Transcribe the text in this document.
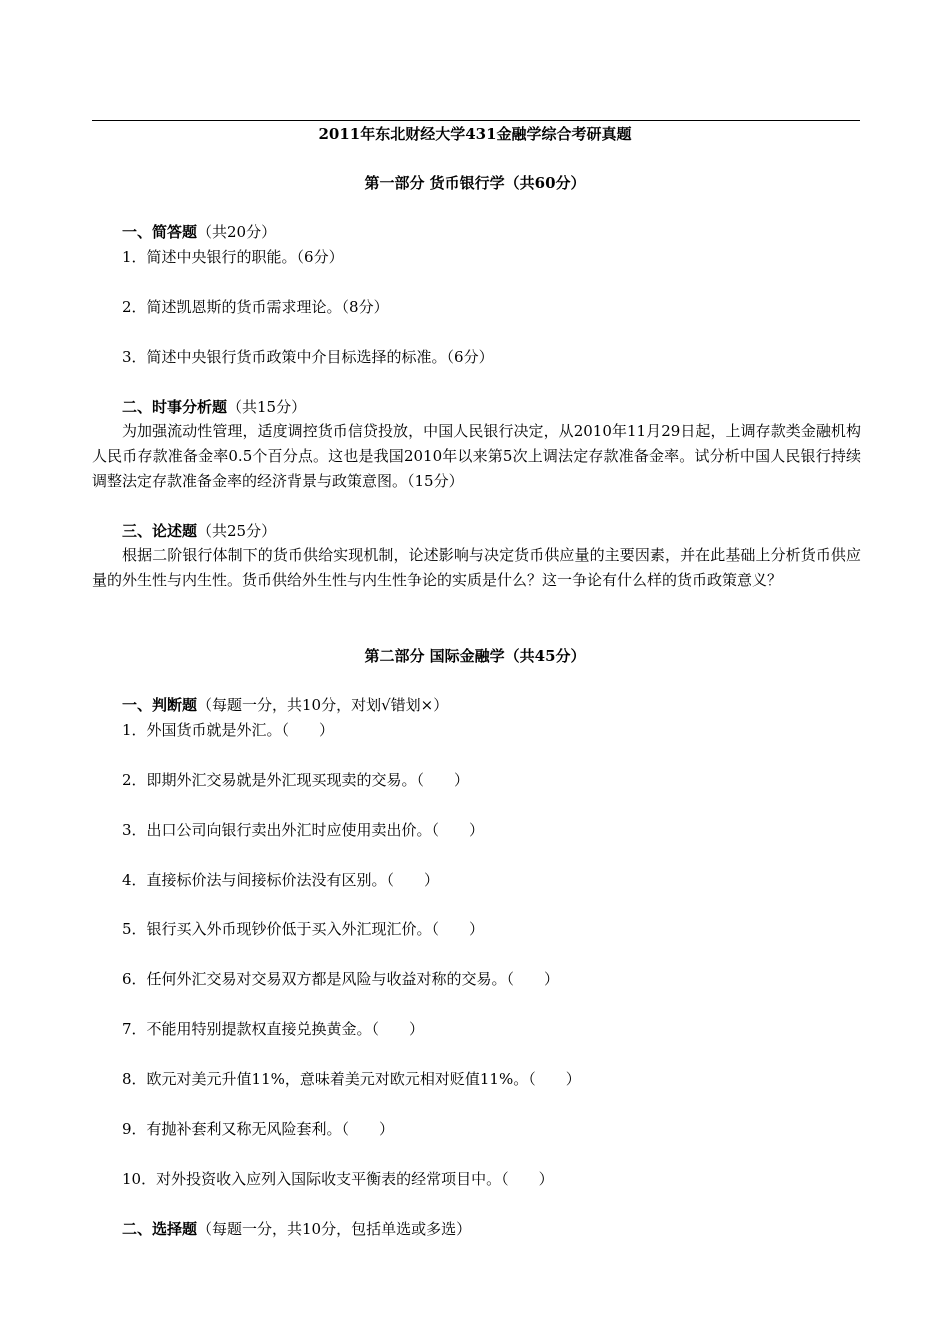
2011年东北财经大学431金融学综合考研真题
第一部分 货币银行学（共60分）
一、简答题（共20分）
1．简述中央银行的职能。（6分）
2．简述凯恩斯的货币需求理论。（8分）
3．简述中央银行货币政策中介目标选择的标准。（6分）
二、时事分析题（共15分）
为加强流动性管理，适度调控货币信贷投放，中国人民银行决定，从2010年11月29日起，上调存款类金融机构人民币存款准备金率0.5个百分点。这也是我国2010年以来第5次上调法定存款准备金率。试分析中国人民银行持续调整法定存款准备金率的经济背景与政策意图。（15分）
三、论述题（共25分）
根据二阶银行体制下的货币供给实现机制，论述影响与决定货币供应量的主要因素，并在此基础上分析货币供应量的外生性与内生性。货币供给外生性与内生性争论的实质是什么？这一争论有什么样的货币政策意义？
第二部分 国际金融学（共45分）
一、判断题（每题一分，共10分，对划√错划×）
1．外国货币就是外汇。（　　）
2．即期外汇交易就是外汇现买现卖的交易。（　　）
3．出口公司向银行卖出外汇时应使用卖出价。（　　）
4．直接标价法与间接标价法没有区别。（　　）
5．银行买入外币现钞价低于买入外汇现汇价。（　　）
6．任何外汇交易对交易双方都是风险与收益对称的交易。（　　）
7．不能用特别提款权直接兑换黄金。（　　）
8．欧元对美元升值11%，意味着美元对欧元相对贬值11%。（　　）
9．有抛补套利又称无风险套利。（　　）
10．对外投资收入应列入国际收支平衡表的经常项目中。（　　）
二、选择题（每题一分，共10分，包括单选或多选）
